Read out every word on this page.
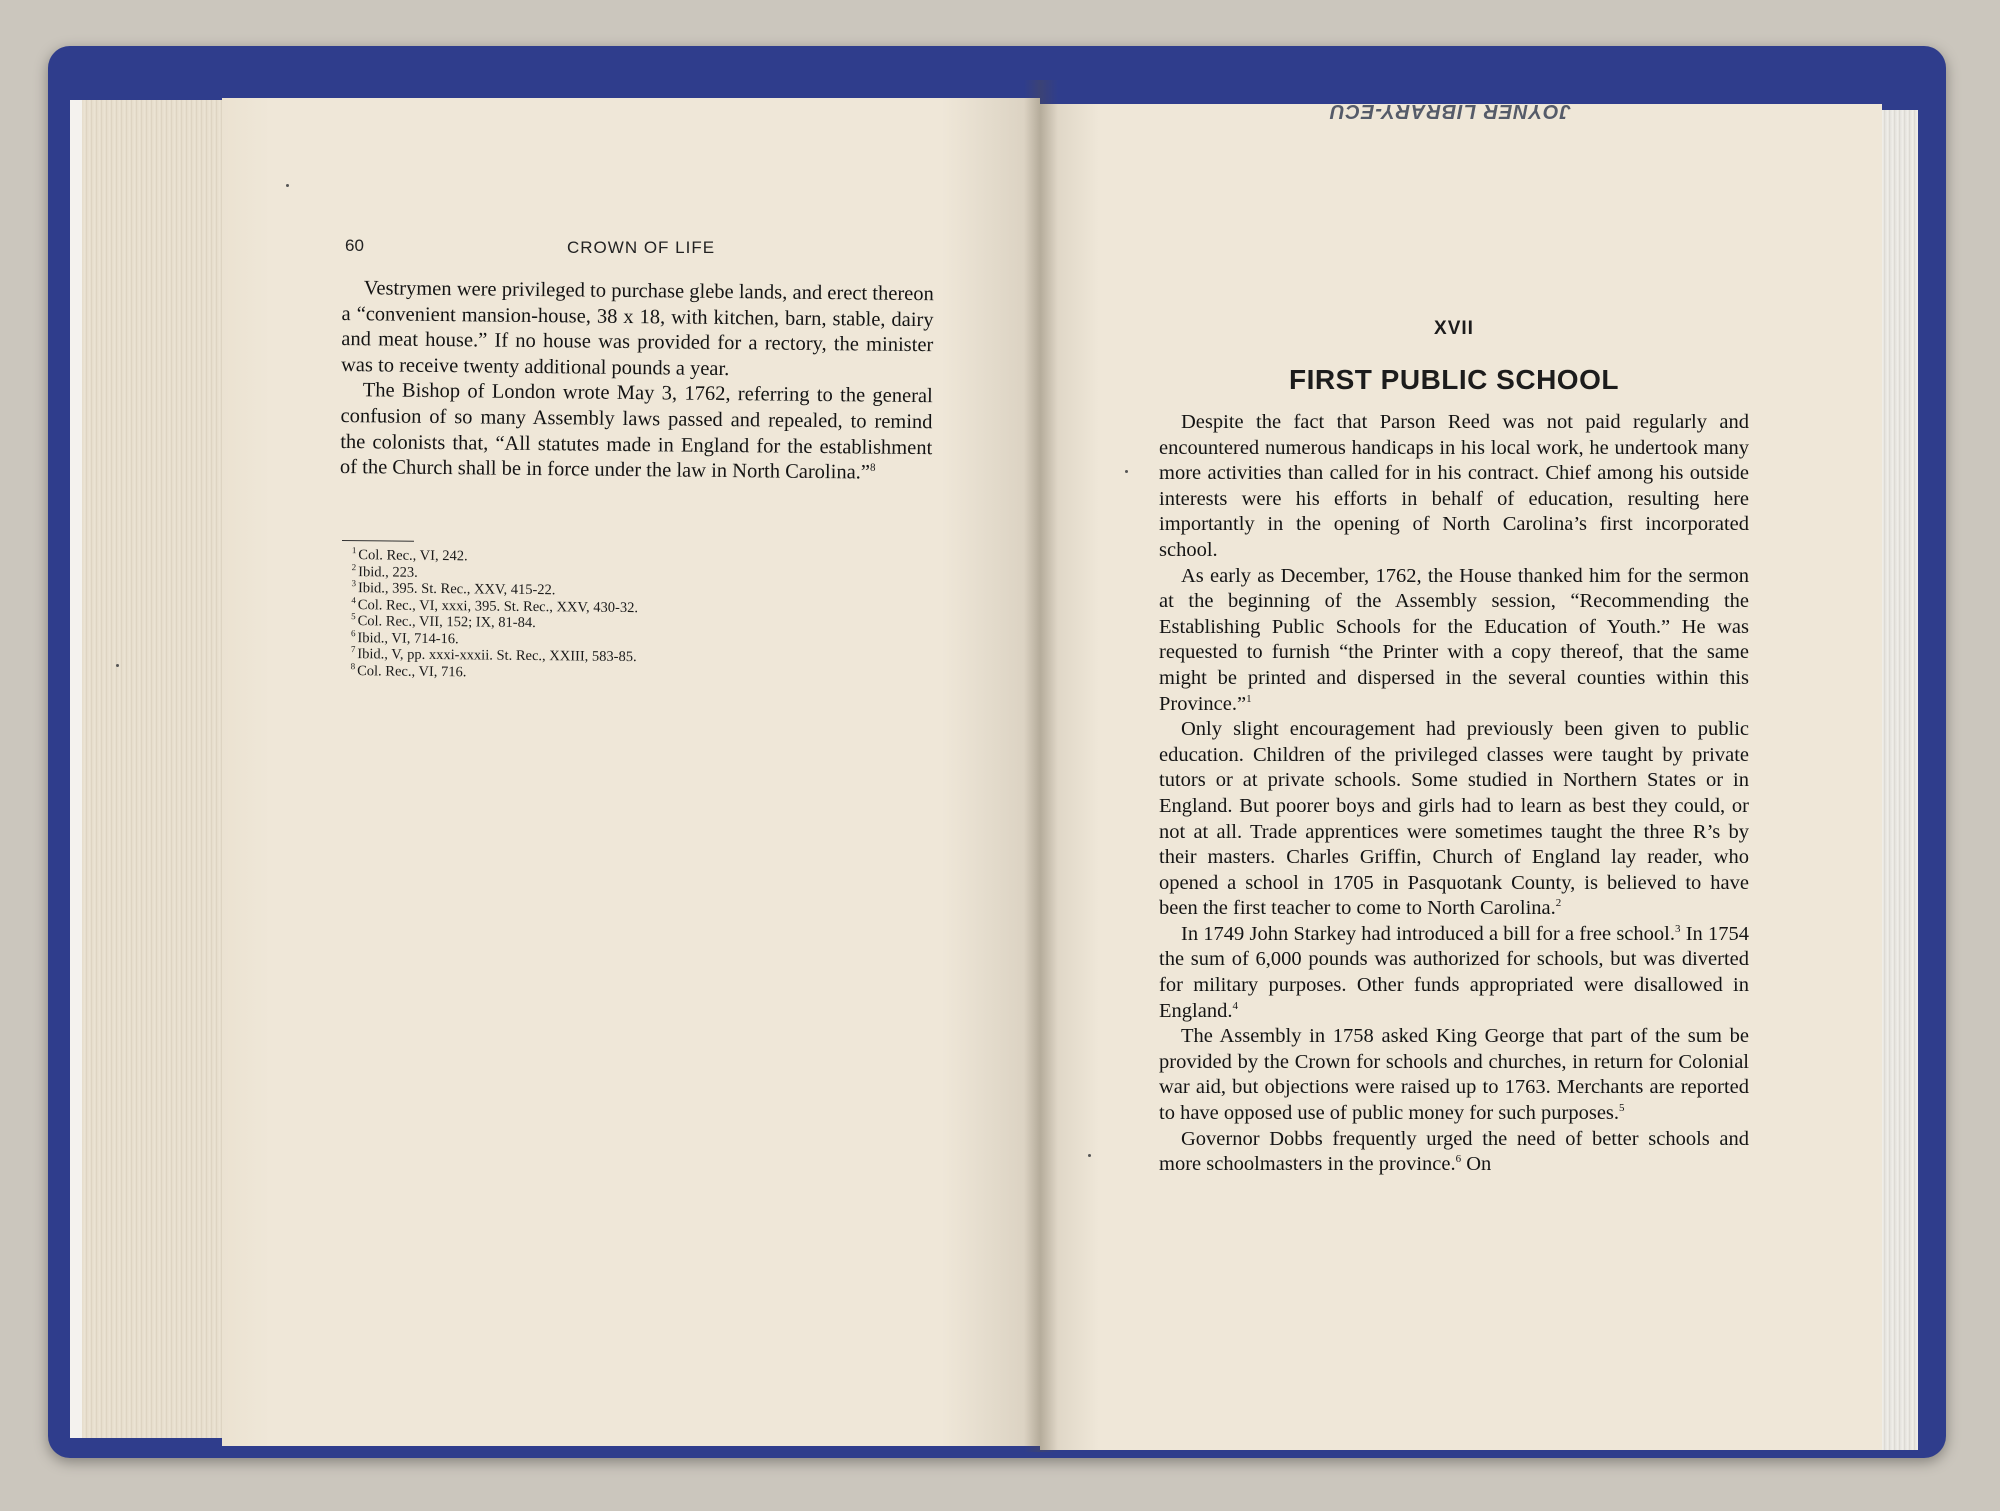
JOYNER LIBRARY-ECU
60	CROWN OF LIFE

Vestrymen were privileged to purchase glebe lands, and erect thereon a “convenient mansion-house, 38 x 18, with kitchen, barn, stable, dairy and meat house.” If no house was provided for a rectory, the minister was to receive twenty additional pounds a year.

The Bishop of London wrote May 3, 1762, referring to the general confusion of so many Assembly laws passed and repealed, to remind the colonists that, “All statutes made in England for the establishment of the Church shall be in force under the law in North Carolina.”$^8$

$^1$ Col. Rec., VI, 242.
$^2$ Ibid., 223.
$^3$ Ibid., 395. St. Rec., XXV, 415-22.
$^4$ Col. Rec., VI, xxxi, 395. St. Rec., XXV, 430-32.
$^5$ Col. Rec., VII, 152; IX, 81-84.
$^6$ Ibid., VI, 714-16.
$^7$ Ibid., V, pp. xxxi-xxxii. St. Rec., XXIII, 583-85.
$^8$ Col. Rec., VI, 716.
XVII
FIRST PUBLIC SCHOOL

Despite the fact that Parson Reed was not paid regularly and encountered numerous handicaps in his local work, he undertook many more activities than called for in his contract. Chief among his outside interests were his efforts in behalf of education, resulting here importantly in the opening of North Carolina’s first incorporated school.

As early as December, 1762, the House thanked him for the sermon at the beginning of the Assembly session, “Recommending the Establishing Public Schools for the Education of Youth.” He was requested to furnish “the Printer with a copy thereof, that the same might be printed and dispersed in the several counties within this Province.”$^1$

Only slight encouragement had previously been given to public education. Children of the privileged classes were taught by private tutors or at private schools. Some studied in Northern States or in England. But poorer boys and girls had to learn as best they could, or not at all. Trade apprentices were sometimes taught the three R’s by their masters. Charles Griffin, Church of England lay reader, who opened a school in 1705 in Pasquotank County, is believed to have been the first teacher to come to North Carolina.$^2$

In 1749 John Starkey had introduced a bill for a free school.$^3$ In 1754 the sum of 6,000 pounds was authorized for schools, but was diverted for military purposes. Other funds appropriated were disallowed in England.$^4$

The Assembly in 1758 asked King George that part of the sum be provided by the Crown for schools and churches, in return for Colonial war aid, but objections were raised up to 1763. Merchants are reported to have opposed use of public money for such purposes.$^5$

Governor Dobbs frequently urged the need of better schools and more schoolmasters in the province.$^6$ On
